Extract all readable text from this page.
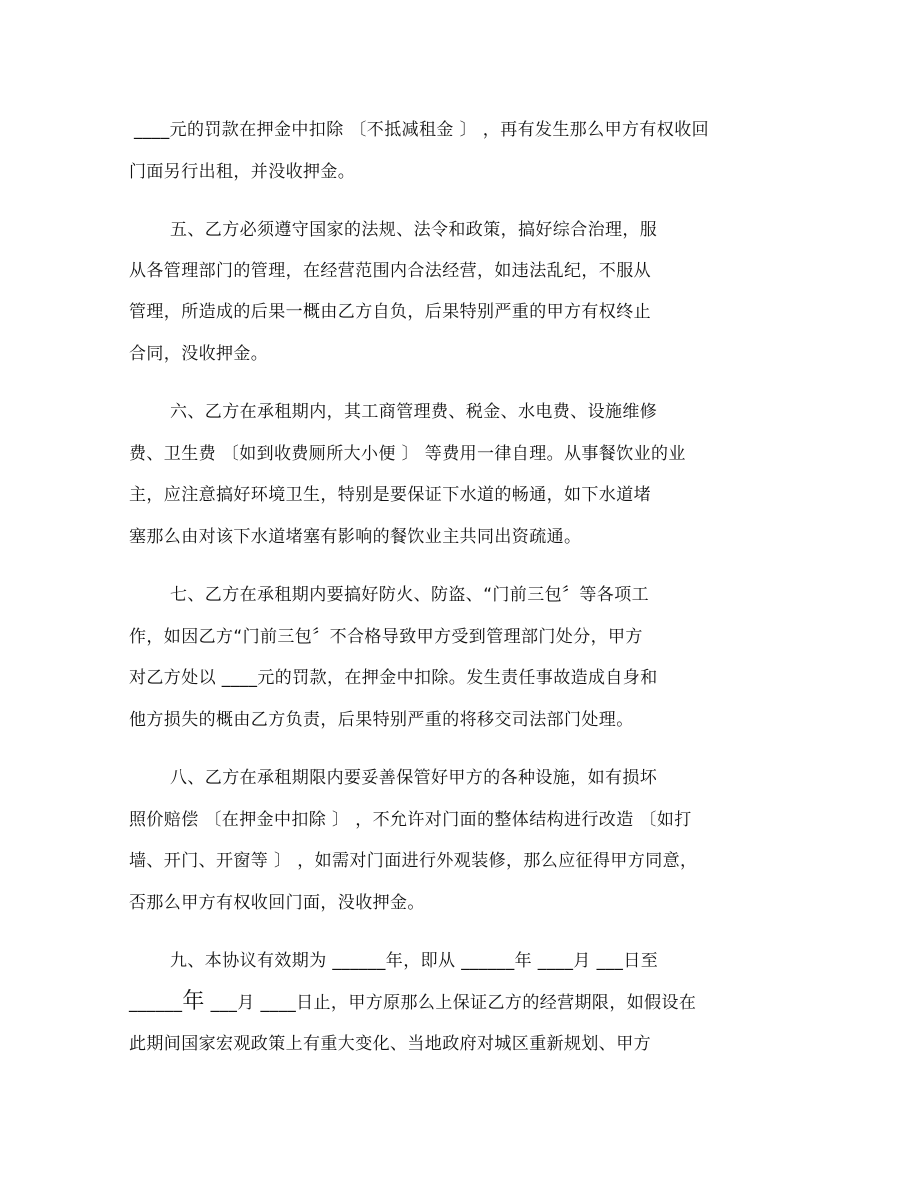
____元的罚款在押金中扣除 〔不抵减租金 〕 ，再有发生那么甲方有权收回
门面另行出租，并没收押金。
五、乙方必须遵守国家的法规、法令和政策，搞好综合治理，服
从各管理部门的管理，在经营范围内合法经营，如违法乱纪，不服从
管理，所造成的后果一概由乙方自负，后果特别严重的甲方有权终止
合同，没收押金。
六、乙方在承租期内，其工商管理费、税金、水电费、设施维修
费、卫生费 〔如到收费厕所大小便 〕 等费用一律自理。从事餐饮业的业
主，应注意搞好环境卫生，特别是要保证下水道的畅通，如下水道堵
塞那么由对该下水道堵塞有影响的餐饮业主共同出资疏通。
七、乙方在承租期内要搞好防火、防盗、“门前三包〞等各项工
作，如因乙方“门前三包〞不合格导致甲方受到管理部门处分，甲方
对乙方处以 ____元的罚款，在押金中扣除。发生责任事故造成自身和
他方损失的概由乙方负责，后果特别严重的将移交司法部门处理。
八、乙方在承租期限内要妥善保管好甲方的各种设施，如有损坏
照价赔偿 〔在押金中扣除 〕 ，不允许对门面的整体结构进行改造 〔如打
墙、开门、开窗等 〕 ，如需对门面进行外观装修，那么应征得甲方同意，
否那么甲方有权收回门面，没收押金。
九、本协议有效期为 ______年，即从 ______年 ____月 ___日至
______年 ___月 ____日止，甲方原那么上保证乙方的经营期限，如假设在
此期间国家宏观政策上有重大变化、当地政府对城区重新规划、甲方
